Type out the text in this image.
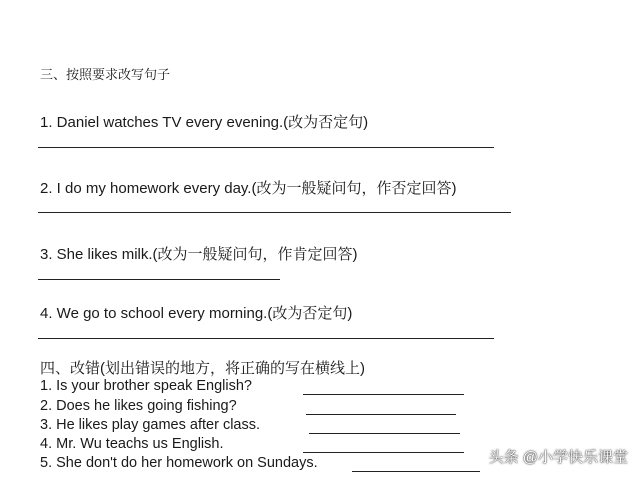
三、按照要求改写句子
1. Daniel watches TV every evening.(改为否定句)
2. I do my homework every day.(改为一般疑问句，作否定回答)
3. She likes milk.(改为一般疑问句，作肯定回答)
4. We go to school every morning.(改为否定句)
四、改错(划出错误的地方，将正确的写在横线上)
1. Is your brother speak English?
2. Does he likes going fishing?
3. He likes play games after class.
4. Mr. Wu teachs us English.
5. She don't do her homework on Sundays.	头条 @小学快乐课堂
